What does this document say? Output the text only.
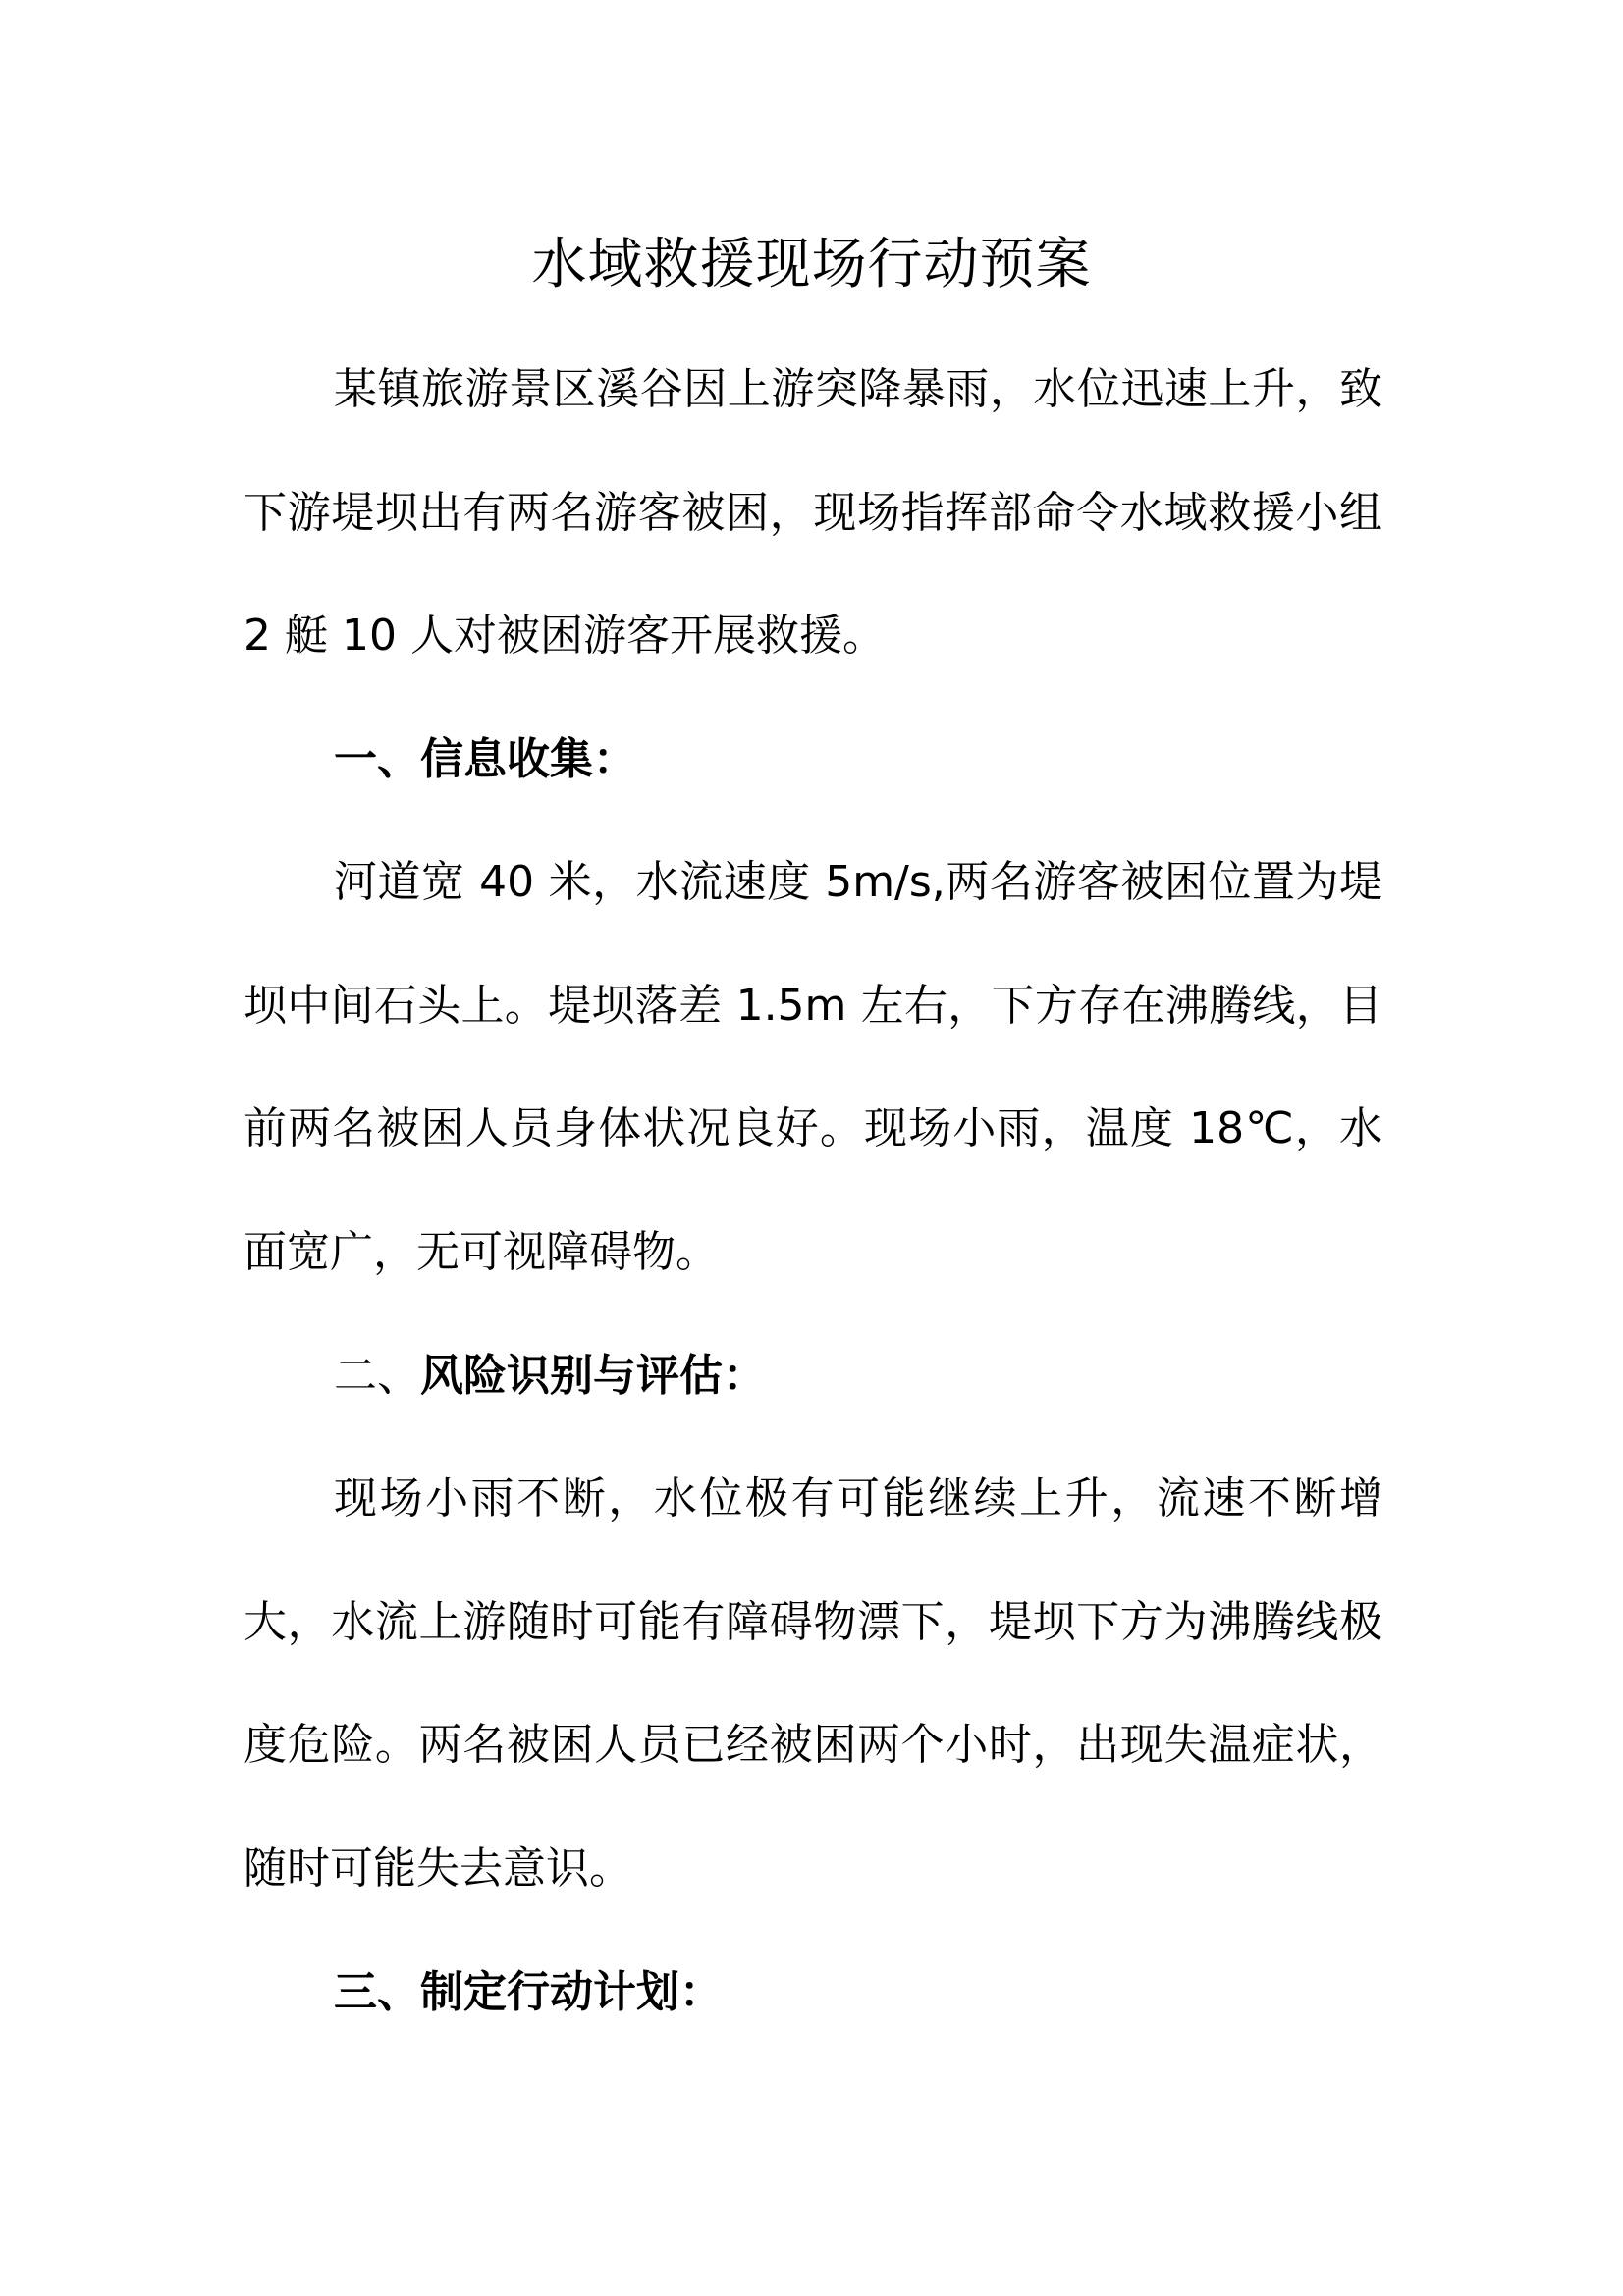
水域救援现场行动预案

某镇旅游景区溪谷因上游突降暴雨，水位迅速上升，致下游堤坝出有两名游客被困，现场指挥部命令水域救援小组 2 艇 10 人对被困游客开展救援。

一、信息收集：

河道宽 40 米，水流速度 5m/s,两名游客被困位置为堤坝中间石头上。堤坝落差 1.5m 左右，下方存在沸腾线，目前两名被困人员身体状况良好。现场小雨，温度 18℃，水面宽广，无可视障碍物。

二、风险识别与评估：

现场小雨不断，水位极有可能继续上升，流速不断增大，水流上游随时可能有障碍物漂下，堤坝下方为沸腾线极度危险。两名被困人员已经被困两个小时，出现失温症状，随时可能失去意识。

三、制定行动计划：
